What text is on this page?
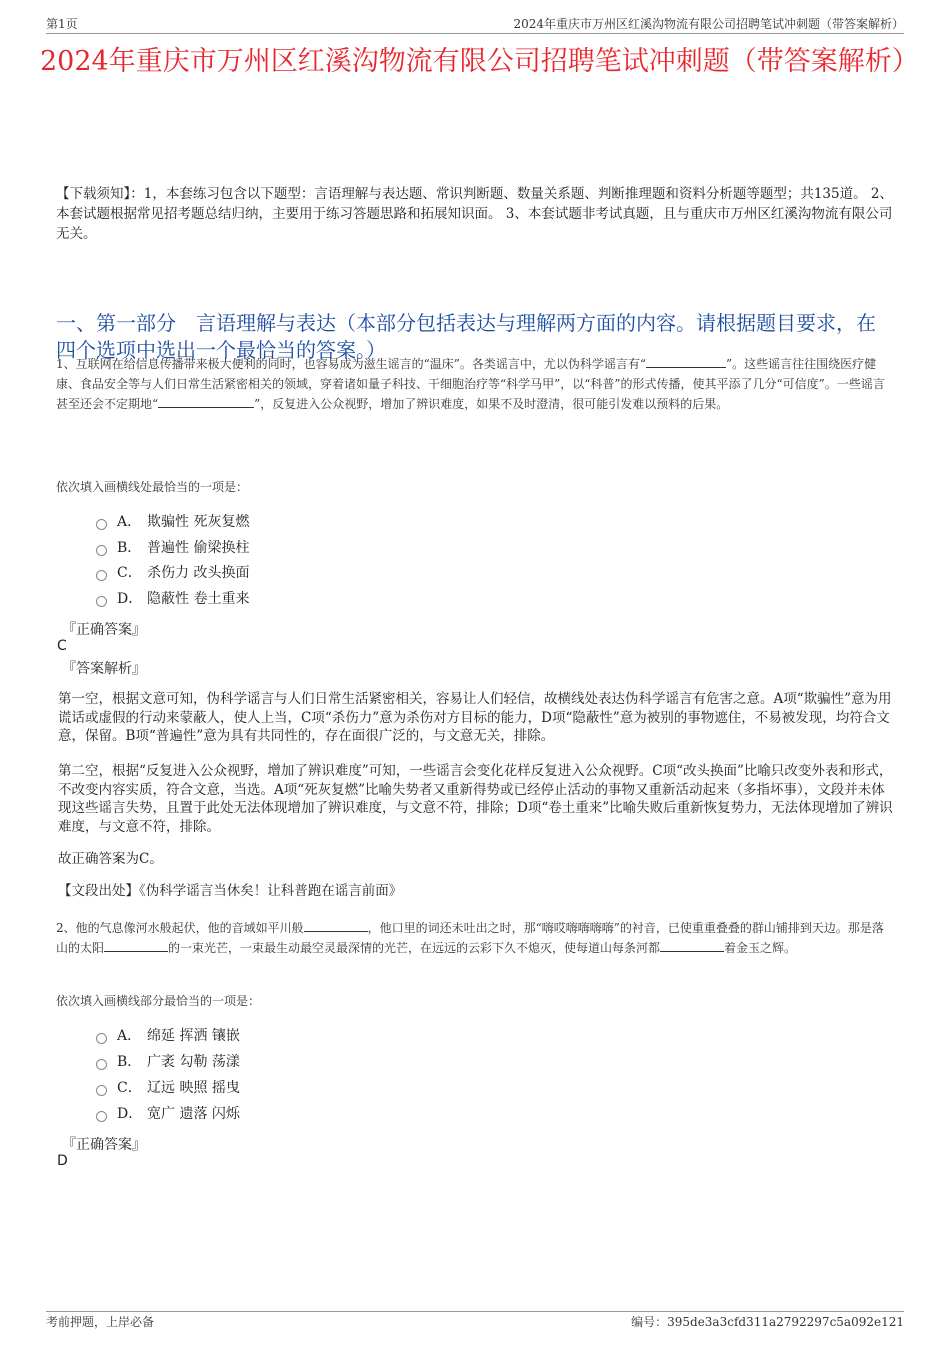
第1页	2024年重庆市万州区红溪沟物流有限公司招聘笔试冲刺题（带答案解析）
2024年重庆市万州区红溪沟物流有限公司招聘笔试冲刺题（带答案解析）
【下载须知】：1，本套练习包含以下题型：言语理解与表达题、常识判断题、数量关系题、判断推理题和资料分析题等题型；共135道。 2、本套试题根据常见招考题总结归纳，主要用于练习答题思路和拓展知识面。 3、本套试题非考试真题，且与重庆市万州区红溪沟物流有限公司无关。
一、第一部分　言语理解与表达（本部分包括表达与理解两方面的内容。请根据题目要求，在四个选项中选出一个最恰当的答案。）
1、互联网在给信息传播带来极大便利的同时，也容易成为滋生谣言的“温床”。各类谣言中，尤以伪科学谣言有“	”。这些谣言往往围绕医疗健康、食品安全等与人们日常生活紧密相关的领域，穿着诸如量子科技、干细胞治疗等“科学马甲”，以“科普”的形式传播，使其平添了几分“可信度”。一些谣言甚至还会不定期地“	”，反复进入公众视野，增加了辨识难度，如果不及时澄清，很可能引发难以预料的后果。
依次填入画横线处最恰当的一项是：
A． 欺骗性 死灰复燃
B． 普遍性 偷梁换柱
C． 杀伤力 改头换面
D． 隐蔽性 卷土重来
『正确答案』
C
『答案解析』
第一空，根据文意可知，伪科学谣言与人们日常生活紧密相关，容易让人们轻信，故横线处表达伪科学谣言有危害之意。A项“欺骗性”意为用谎话或虚假的行动来蒙蔽人，使人上当，C项“杀伤力”意为杀伤对方目标的能力，D项“隐蔽性”意为被别的事物遮住，不易被发现，均符合文意，保留。B项“普遍性”意为具有共同性的，存在面很广泛的，与文意无关，排除。
第二空，根据“反复进入公众视野，增加了辨识难度”可知，一些谣言会变化花样反复进入公众视野。C项“改头换面”比喻只改变外表和形式，不改变内容实质，符合文意，当选。A项“死灰复燃”比喻失势者又重新得势或已经停止活动的事物又重新活动起来（多指坏事），文段并未体现这些谣言失势，且置于此处无法体现增加了辨识难度，与文意不符，排除；D项“卷土重来”比喻失败后重新恢复势力，无法体现增加了辨识难度，与文意不符，排除。
故正确答案为C。
【文段出处】《伪科学谣言当休矣！让科普跑在谣言前面》
2、他的气息像河水般起伏，他的音域如平川般	，他口里的词还未吐出之时，那“嗨哎嗨嗨嗨嗨”的衬音，已使重重叠叠的群山铺排到天边。那是落山的太阳	的一束光芒，一束最生动最空灵最深情的光芒，在远远的云彩下久不熄灭，使每道山每条河都	着金玉之辉。
依次填入画横线部分最恰当的一项是：
A． 绵延 挥洒 镶嵌
B． 广袤 勾勒 荡漾
C． 辽远 映照 摇曳
D． 宽广 遗落 闪烁
『正确答案』
D
考前押题，上岸必备	编号：395de3a3cfd311a2792297c5a092e121
